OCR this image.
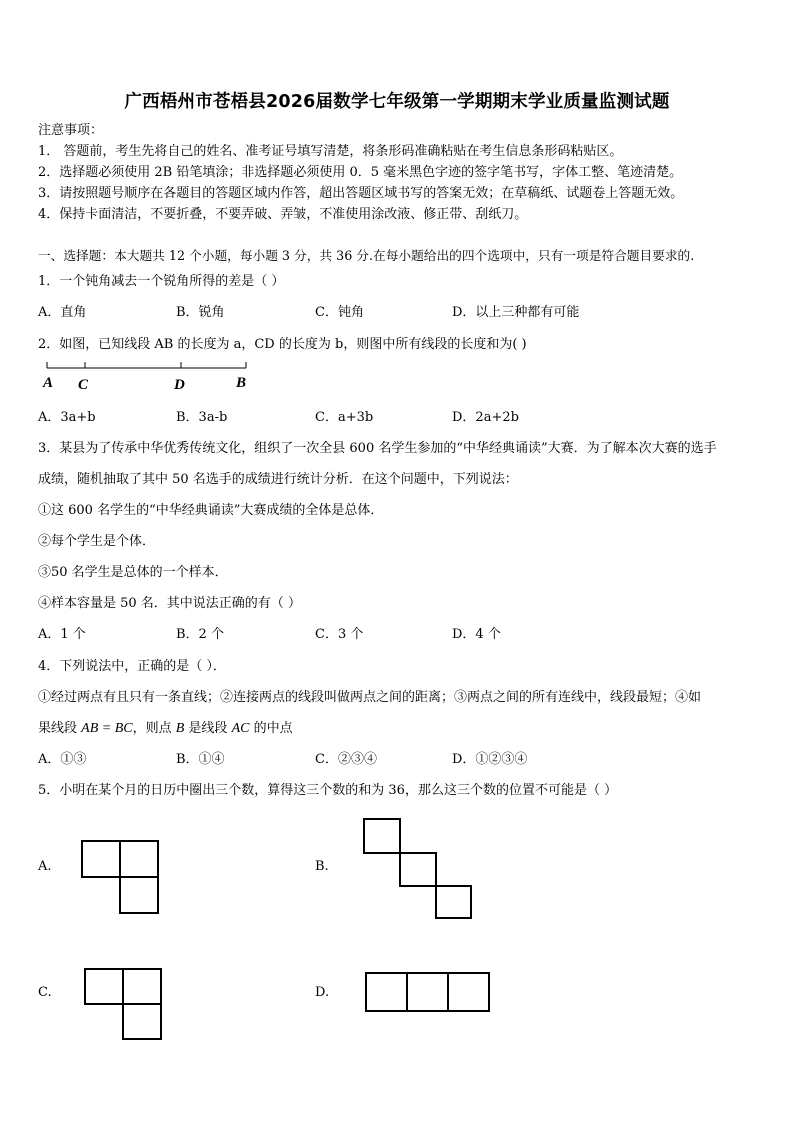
广西梧州市苍梧县2026届数学七年级第一学期期末学业质量监测试题
注意事项：
1． 答题前，考生先将自己的姓名、准考证号填写清楚，将条形码准确粘贴在考生信息条形码粘贴区。
2．选择题必须使用 2B 铅笔填涂；非选择题必须使用 0．5 毫米黑色字迹的签字笔书写，字体工整、笔迹清楚。
3．请按照题号顺序在各题目的答题区域内作答，超出答题区域书写的答案无效；在草稿纸、试题卷上答题无效。
4．保持卡面清洁，不要折叠，不要弄破、弄皱，不准使用涂改液、修正带、刮纸刀。
一、选择题：本大题共 12 个小题，每小题 3 分，共 36 分.在每小题给出的四个选项中，只有一项是符合题目要求的.
1．一个钝角减去一个锐角所得的差是（ ）
A．直角	B．锐角	C．钝角	D．以上三种都有可能
2．如图，已知线段 AB 的长度为 a，CD 的长度为 b，则图中所有线段的长度和为( )
A C	D	B
A．3a+b	B．3a-b	C．a+3b	D．2a+2b
3．某县为了传承中华优秀传统文化，组织了一次全县 600 名学生参加的“中华经典诵读”大赛．为了解本次大赛的选手
成绩，随机抽取了其中 50 名选手的成绩进行统计分析．在这个问题中，下列说法：
①这 600 名学生的“中华经典诵读”大赛成绩的全体是总体．
②每个学生是个体．
③50 名学生是总体的一个样本．
④样本容量是 50 名．其中说法正确的有（ ）
A．1 个	B．2 个	C．3 个	D．4 个
4．下列说法中，正确的是（ ）．
①经过两点有且只有一条直线；②连接两点的线段叫做两点之间的距离；③两点之间的所有连线中，线段最短；④如
果线段 AB = BC，则点 B 是线段 AC 的中点
A．①③	B．①④	C．②③④	D．①②③④
5．小明在某个月的日历中圈出三个数，算得这三个数的和为 36，那么这三个数的位置不可能是（ ）
A.	B.
C.	D.
